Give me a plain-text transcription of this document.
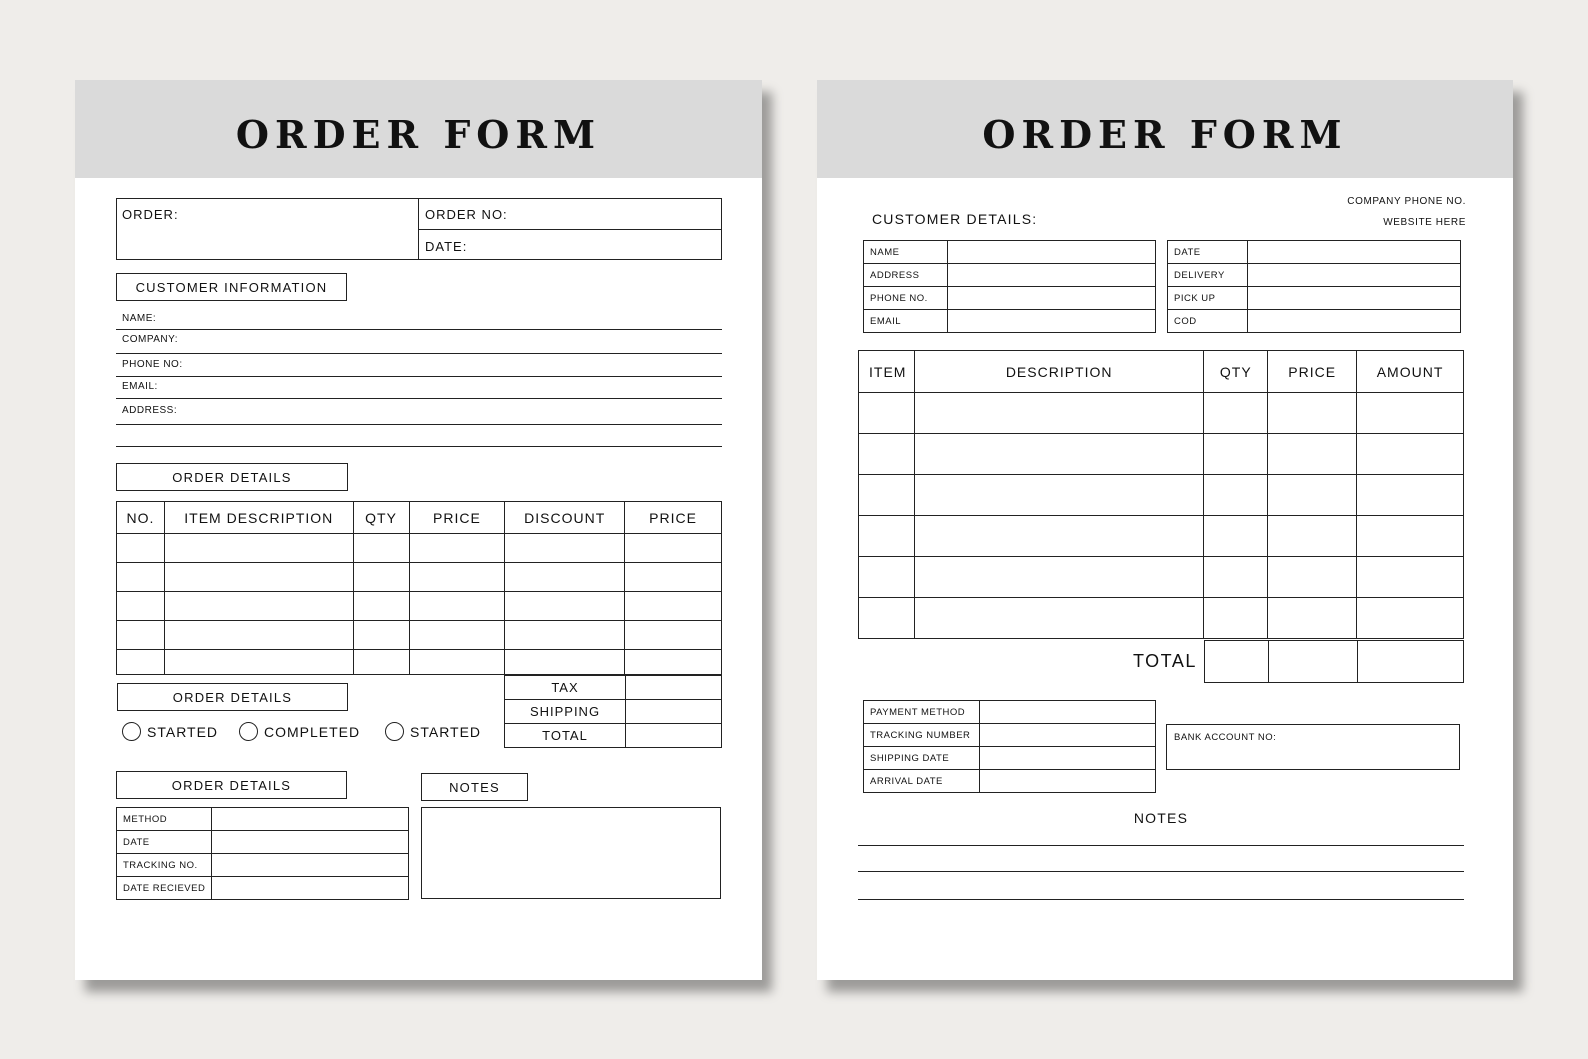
ORDER FORM
ORDER:	ORDER NO:
DATE:
CUSTOMER INFORMATION
NAME:
COMPANY:
PHONE NO:
EMAIL:
ADDRESS:
ORDER DETAILS
NO.	ITEM DESCRIPTION	QTY	PRICE	DISCOUNT	PRICE

TAX	
SHIPPING	
TOTAL	
ORDER DETAILS
STARTED	COMPLETED	STARTED
ORDER DETAILS
METHOD	
DATE	
TRACKING NO.	
DATE RECIEVED	
NOTES
ORDER FORM
COMPANY PHONE NO.
WEBSITE HERE
CUSTOMER DETAILS:
NAME	
ADDRESS	
PHONE NO.	
EMAIL	
DATE	
DELIVERY	
PICK UP	
COD	
ITEM	DESCRIPTION	QTY	PRICE	AMOUNT

TOTAL
PAYMENT METHOD	
TRACKING NUMBER	
SHIPPING DATE	
ARRIVAL DATE	
BANK ACCOUNT NO:
NOTES
